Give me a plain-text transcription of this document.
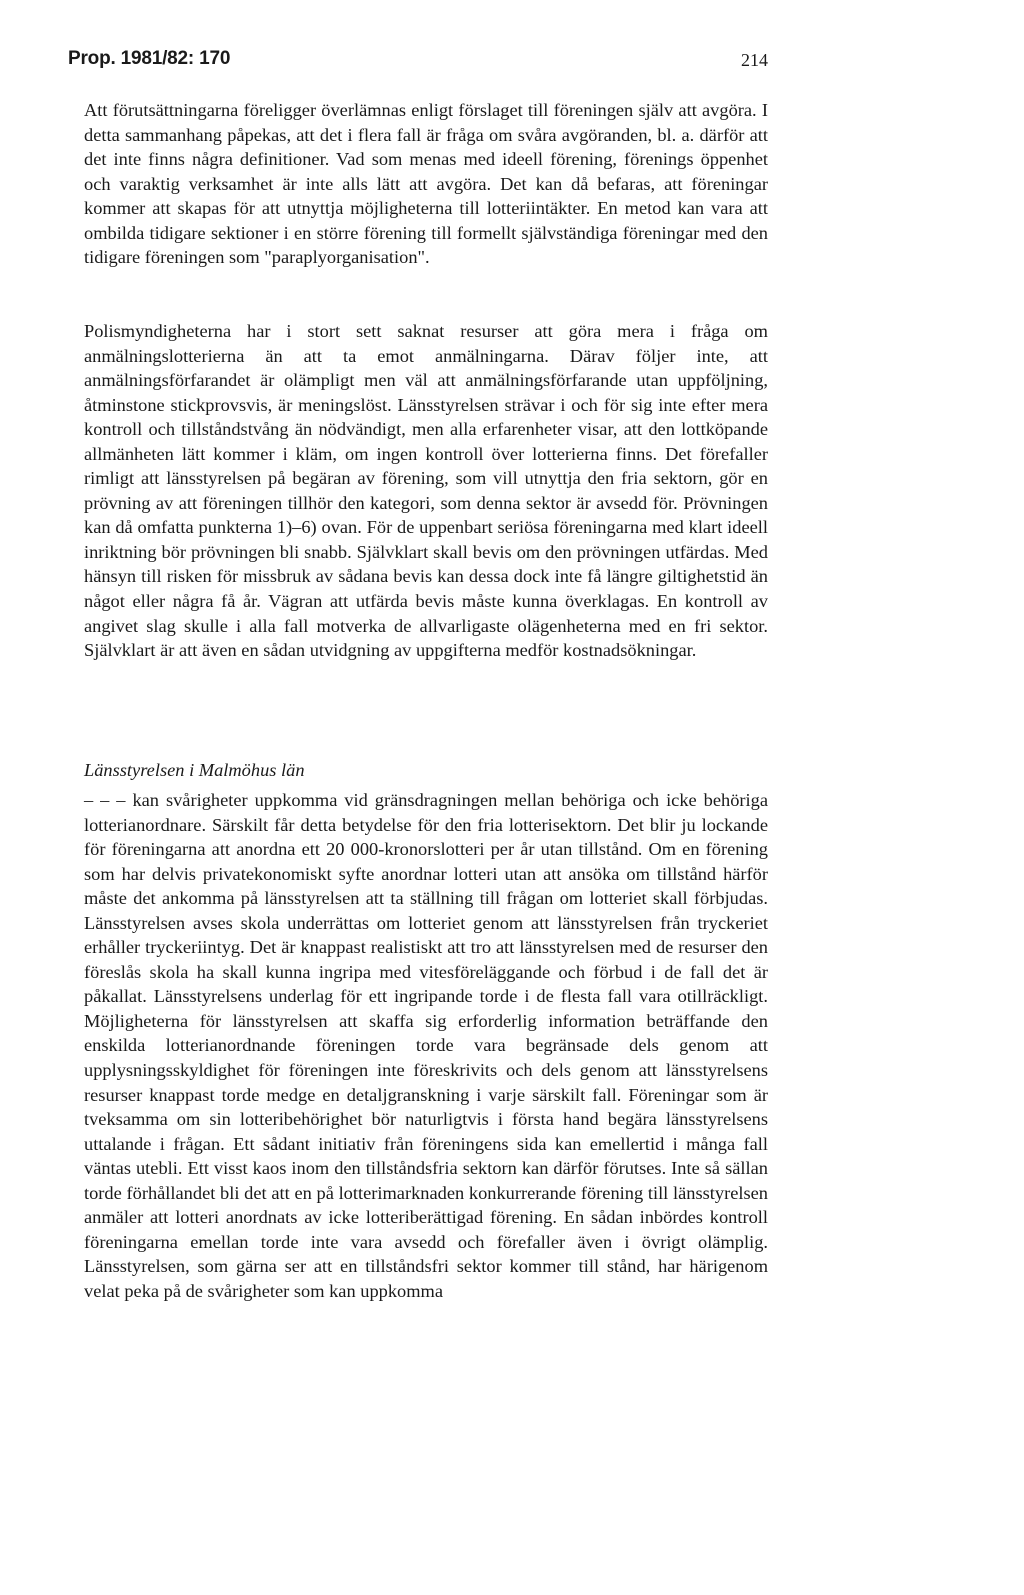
Prop. 1981/82: 170	214

Att förutsättningarna föreligger överlämnas enligt förslaget till föreningen själv att avgöra. I detta sammanhang påpekas, att det i flera fall är fråga om svåra avgöranden, bl. a. därför att det inte finns några definitioner. Vad som menas med ideell förening, förenings öppenhet och varaktig verksamhet är inte alls lätt att avgöra. Det kan då befaras, att föreningar kommer att skapas för att utnyttja möjligheterna till lotteriintäkter. En metod kan vara att ombilda tidigare sektioner i en större förening till formellt självständiga föreningar med den tidigare föreningen som "paraplyorganisation".

Polismyndigheterna har i stort sett saknat resurser att göra mera i fråga om anmälningslotterierna än att ta emot anmälningarna. Därav följer inte, att anmälningsförfarandet är olämpligt men väl att anmälningsförfarande utan uppföljning, åtminstone stickprovsvis, är meningslöst. Länsstyrelsen strävar i och för sig inte efter mera kontroll och tillståndstvång än nödvändigt, men alla erfarenheter visar, att den lottköpande allmänheten lätt kommer i kläm, om ingen kontroll över lotterierna finns. Det förefaller rimligt att länsstyrelsen på begäran av förening, som vill utnyttja den fria sektorn, gör en prövning av att föreningen tillhör den kategori, som denna sektor är avsedd för. Prövningen kan då omfatta punkterna 1)–6) ovan. För de uppenbart seriösa föreningarna med klart ideell inriktning bör prövningen bli snabb. Självklart skall bevis om den prövningen utfärdas. Med hänsyn till risken för missbruk av sådana bevis kan dessa dock inte få längre giltighetstid än något eller några få år. Vägran att utfärda bevis måste kunna överklagas. En kontroll av angivet slag skulle i alla fall motverka de allvarligaste olägenheterna med en fri sektor. Självklart är att även en sådan utvidgning av uppgifterna medför kostnadsökningar.

Länsstyrelsen i Malmöhus län

– – – kan svårigheter uppkomma vid gränsdragningen mellan behöriga och icke behöriga lotterianordnare. Särskilt får detta betydelse för den fria lotterisektorn. Det blir ju lockande för föreningarna att anordna ett 20 000-kronorslotteri per år utan tillstånd. Om en förening som har delvis privatekonomiskt syfte anordnar lotteri utan att ansöka om tillstånd härför måste det ankomma på länsstyrelsen att ta ställning till frågan om lotteriet skall förbjudas. Länsstyrelsen avses skola underrättas om lotteriet genom att länsstyrelsen från tryckeriet erhåller tryckeriintyg. Det är knappast realistiskt att tro att länsstyrelsen med de resurser den föreslås skola ha skall kunna ingripa med vitesföreläggande och förbud i de fall det är påkallat. Länsstyrelsens underlag för ett ingripande torde i de flesta fall vara otillräckligt. Möjligheterna för länsstyrelsen att skaffa sig erforderlig information beträffande den enskilda lotterianordnande föreningen torde vara begränsade dels genom att upplysningsskyldighet för föreningen inte föreskrivits och dels genom att länsstyrelsens resurser knappast torde medge en detaljgranskning i varje särskilt fall. Föreningar som är tveksamma om sin lotteribehörighet bör naturligtvis i första hand begära länsstyrelsens uttalande i frågan. Ett sådant initiativ från föreningens sida kan emellertid i många fall väntas utebli. Ett visst kaos inom den tillståndsfria sektorn kan därför förutses. Inte så sällan torde förhållandet bli det att en på lotterimarknaden konkurrerande förening till länsstyrelsen anmäler att lotteri anordnats av icke lotteriberättigad förening. En sådan inbördes kontroll föreningarna emellan torde inte vara avsedd och förefaller även i övrigt olämplig. Länsstyrelsen, som gärna ser att en tillståndsfri sektor kommer till stånd, har härigenom velat peka på de svårigheter som kan uppkomma
